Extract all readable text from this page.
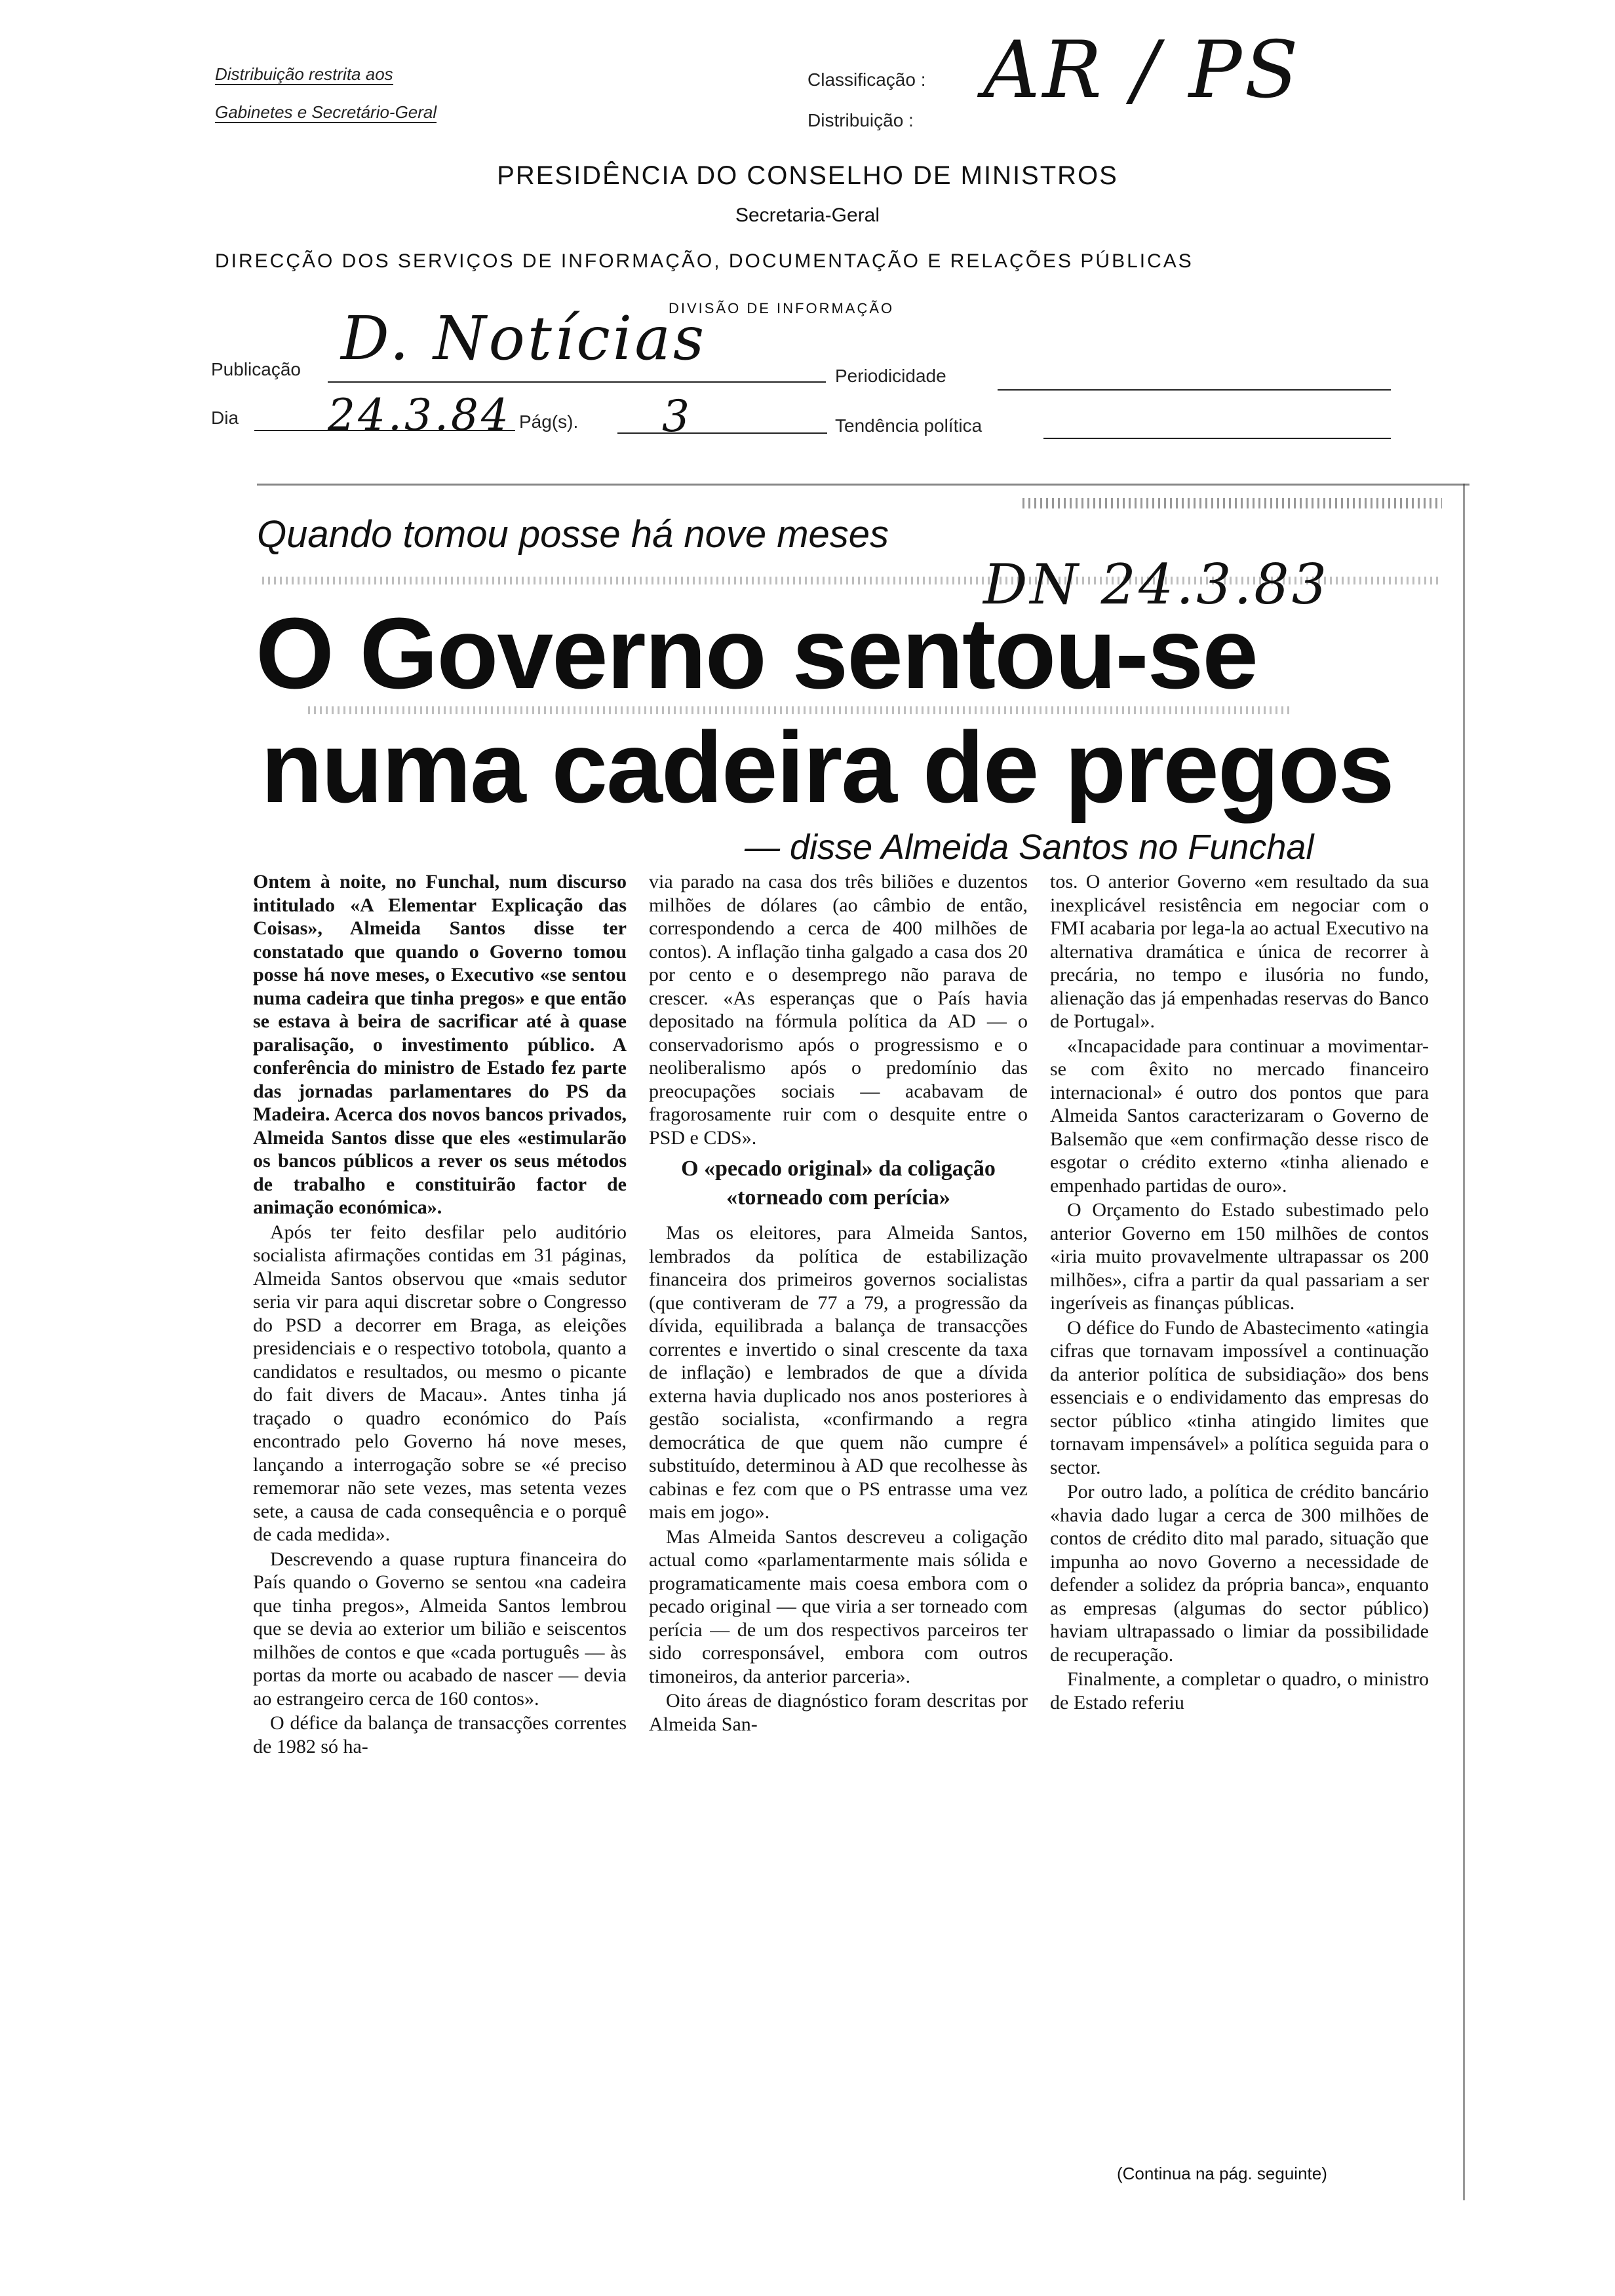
Distribuição restrita aos
Gabinetes e Secretário-Geral
Classificação :
Distribuição :
AR / PS
PRESIDÊNCIA DO CONSELHO DE MINISTROS
Secretaria-Geral
DIRECÇÃO DOS SERVIÇOS DE INFORMAÇÃO, DOCUMENTAÇÃO E RELAÇÕES PÚBLICAS
DIVISÃO DE INFORMAÇÃO
Publicação D. Notícias
Periodicidade
Dia 24.3.84 Pág(s). 3	Tendência política
Quando tomou posse há nove meses
DN 24.3.83
O Governo sentou-se
numa cadeira de pregos
— disse Almeida Santos no Funchal

Ontem à noite, no Funchal, num discurso intitulado «A Elementar Explicação das Coisas», Almeida Santos disse ter constatado que quando o Governo tomou posse há nove meses, o Executivo «se sentou numa cadeira que tinha pregos» e que então se estava à beira de sacrificar até à quase paralisação, o investimento público. A conferência do ministro de Estado fez parte das jornadas parlamentares do PS da Madeira. Acerca dos novos bancos privados, Almeida Santos disse que eles «estimularão os bancos públicos a rever os seus métodos de trabalho e constituirão factor de animação económica».

Após ter feito desfilar pelo auditório socialista afirmações contidas em 31 páginas, Almeida Santos observou que «mais sedutor seria vir para aqui discretar sobre o Congresso do PSD a decorrer em Braga, as eleições presidenciais e o respectivo totobola, quanto a candidatos e resultados, ou mesmo o picante do fait divers de Macau». Antes tinha já traçado o quadro económico do País encontrado pelo Governo há nove meses, lançando a interrogação sobre se «é preciso rememorar não sete vezes, mas setenta vezes sete, a causa de cada consequência e o porquê de cada medida».

Descrevendo a quase ruptura financeira do País quando o Governo se sentou «na cadeira que tinha pregos», Almeida Santos lembrou que se devia ao exterior um bilião e seiscentos milhões de contos e que «cada português — às portas da morte ou acabado de nascer — devia ao estrangeiro cerca de 160 contos».

O défice da balança de transacções correntes de 1982 só ha-

via parado na casa dos três biliões e duzentos milhões de dólares (ao câmbio de então, correspondendo a cerca de 400 milhões de contos). A inflação tinha galgado a casa dos 20 por cento e o desemprego não parava de crescer. «As esperanças que o País havia depositado na fórmula política da AD — o conservadorismo após o progressismo e o neoliberalismo após o predomínio das preocupações sociais — acabavam de fragorosamente ruir com o desquite entre o PSD e CDS».

O «pecado original» da coligação «torneado com perícia»

Mas os eleitores, para Almeida Santos, lembrados da política de estabilização financeira dos primeiros governos socialistas (que contiveram de 77 a 79, a progressão da dívida, equilibrada a balança de transacções correntes e invertido o sinal crescente da taxa de inflação) e lembrados de que a dívida externa havia duplicado nos anos posteriores à gestão socialista, «confirmando a regra democrática de que quem não cumpre é substituído, determinou à AD que recolhesse às cabinas e fez com que o PS entrasse uma vez mais em jogo».

Mas Almeida Santos descreveu a coligação actual como «parlamentarmente mais sólida e programaticamente mais coesa embora com o pecado original — que viria a ser torneado com perícia — de um dos respectivos parceiros ter sido corresponsável, embora com outros timoneiros, da anterior parceria».

Oito áreas de diagnóstico foram descritas por Almeida San-

tos. O anterior Governo «em resultado da sua inexplicável resistência em negociar com o FMI acabaria por lega-la ao actual Executivo na alternativa dramática e única de recorrer à precária, no tempo e ilusória no fundo, alienação das já empenhadas reservas do Banco de Portugal».

«Incapacidade para continuar a movimentar-se com êxito no mercado financeiro internacional» é outro dos pontos que para Almeida Santos caracterizaram o Governo de Balsemão que «em confirmação desse risco de esgotar o crédito externo «tinha alienado e empenhado partidas de ouro».

O Orçamento do Estado subestimado pelo anterior Governo em 150 milhões de contos «iria muito provavelmente ultrapassar os 200 milhões», cifra a partir da qual passariam a ser ingeríveis as finanças públicas.

O défice do Fundo de Abastecimento «atingia cifras que tornavam impossível a continuação da anterior política de subsidiação» dos bens essenciais e o endividamento das empresas do sector público «tinha atingido limites que tornavam impensável» a política seguida para o sector.

Por outro lado, a política de crédito bancário «havia dado lugar a cerca de 300 milhões de contos de crédito dito mal parado, situação que impunha ao novo Governo a necessidade de defender a solidez da própria banca», enquanto as empresas (algumas do sector público) haviam ultrapassado o limiar da possibilidade de recuperação.

Finalmente, a completar o quadro, o ministro de Estado referiu

(Continua na pág. seguinte)
